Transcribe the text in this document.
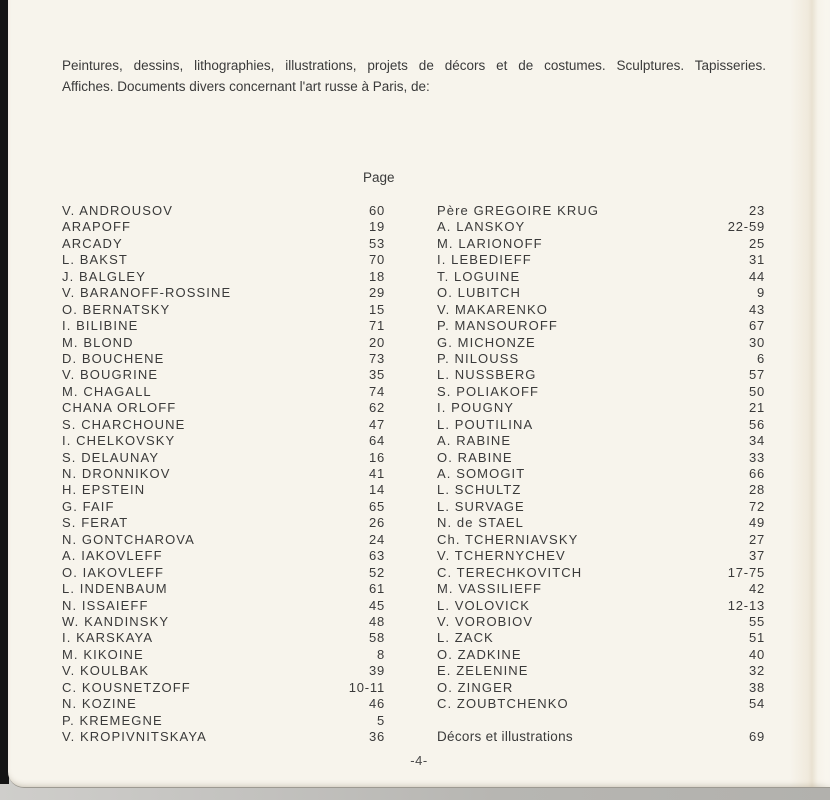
Peintures, dessins, lithographies, illustrations, projets de décors et de costumes. Sculptures. Tapisseries.
Affiches. Documents divers concernant l'art russe à Paris, de:
Page
V. ANDROUSOV	60
ARAPOFF	19
ARCADY	53
L. BAKST	70
J. BALGLEY	18
V. BARANOFF-ROSSINE	29
O. BERNATSKY	15
I. BILIBINE	71
M. BLOND	20
D. BOUCHENE	73
V. BOUGRINE	35
M. CHAGALL	74
CHANA ORLOFF	62
S. CHARCHOUNE	47
I. CHELKOVSKY	64
S. DELAUNAY	16
N. DRONNIKOV	41
H. EPSTEIN	14
G. FAIF	65
S. FERAT	26
N. GONTCHAROVA	24
A. IAKOVLEFF	63
O. IAKOVLEFF	52
L. INDENBAUM	61
N. ISSAIEFF	45
W. KANDINSKY	48
I. KARSKAYA	58
M. KIKOINE	8
V. KOULBAK	39
C. KOUSNETZOFF	10-11
N. KOZINE	46
P. KREMEGNE	5
V. KROPIVNITSKAYA	36
Père GREGOIRE KRUG	23
A. LANSKOY	22-59
M. LARIONOFF	25
I. LEBEDIEFF	31
T. LOGUINE	44
O. LUBITCH	9
V. MAKARENKO	43
P. MANSOUROFF	67
G. MICHONZE	30
P. NILOUSS	6
L. NUSSBERG	57
S. POLIAKOFF	50
I. POUGNY	21
L. POUTILINA	56
A. RABINE	34
O. RABINE	33
A. SOMOGIT	66
L. SCHULTZ	28
L. SURVAGE	72
N. de STAEL	49
Ch. TCHERNIAVSKY	27
V. TCHERNYCHEV	37
C. TERECHKOVITCH	17-75
M. VASSILIEFF	42
L. VOLOVICK	12-13
V. VOROBIOV	55
L. ZACK	51
O. ZADKINE	40
E. ZELENINE	32
O. ZINGER	38
C. ZOUBTCHENKO	54
Décors et illustrations	69
-4-
